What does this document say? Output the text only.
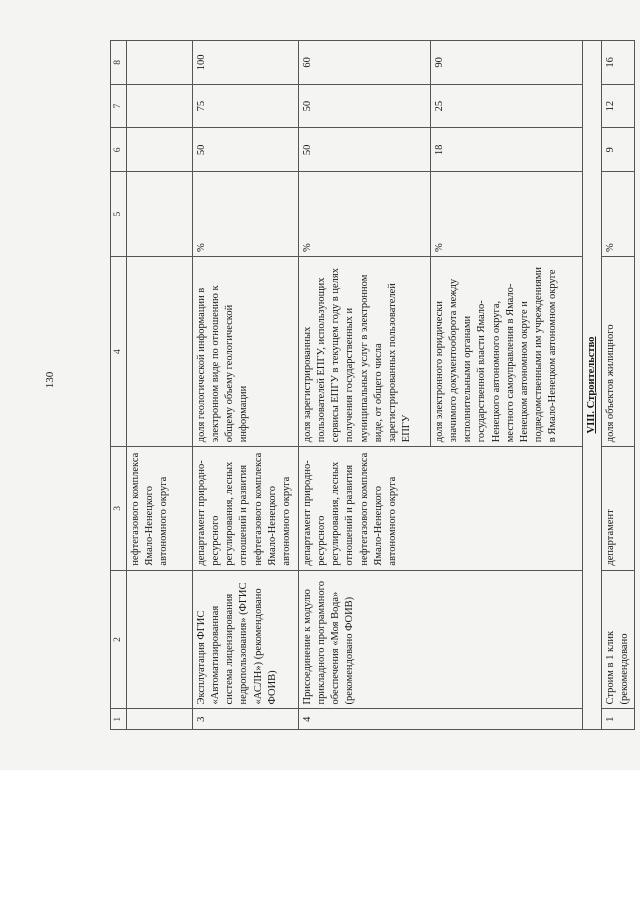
130
1	2	3	4	5	6	7	8
		нефтегазового комплекса Ямало-Ненецкого автономного округа					
3	Эксплуатация ФГИС «Автоматизированная система лицензирования недропользования» (ФГИС «АСЛН») (рекомендовано ФОИВ)	департамент природно-ресурсного регулирования, лесных отношений и развития нефтегазового комплекса Ямало-Ненецкого автономного округа	доля геологической информации в электронном виде по отношению к общему объему геологической информации	%	50	75	100
4	Присоединение к модулю прикладного программного обеспечения «Моя Вода» (рекомендовано ФОИВ)	департамент природно-ресурсного регулирования, лесных отношений и развития нефтегазового комплекса Ямало-Ненецкого автономного округа	доля зарегистрированных пользователей ЕПГУ, использующих сервисы ЕПГУ в текущем году в целях получения государственных и муниципальных услуг в электронном виде, от общего числа зарегистрированных пользователей ЕПГУ	%	50	50	60
			доля электронного юридически значимого документооборота между исполнительными органами государственной власти Ямало-Ненецкого автономного округа, местного самоуправления в Ямало-Ненецком автономном округе и подведомственными им учреждениями в Ямало-Ненецком автономном округе	%	18	25	90
VIII. Строительство							
1	Строим в 1 клик (рекомендовано	департамент	доля объектов жилищного	%	9	12	16
